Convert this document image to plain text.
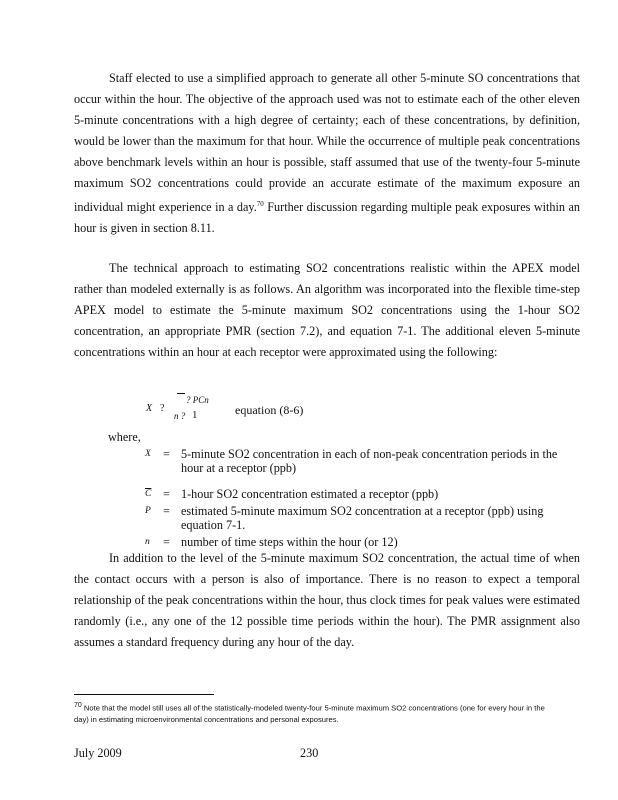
Staff elected to use a simplified approach to generate all other 5-minute SO concentrations that occur within the hour. The objective of the approach used was not to estimate each of the other eleven 5-minute concentrations with a high degree of certainty; each of these concentrations, by definition, would be lower than the maximum for that hour. While the occurrence of multiple peak concentrations above benchmark levels within an hour is possible, staff assumed that use of the twenty-four 5-minute maximum SO2 concentrations could provide an accurate estimate of the maximum exposure an individual might experience in a day.$^{70}$ Further discussion regarding multiple peak exposures within an hour is given in section 8.11.

The technical approach to estimating SO2 concentrations realistic within the APEX model rather than modeled externally is as follows. An algorithm was incorporated into the flexible time-step APEX model to estimate the 5-minute maximum SO2 concentrations using the 1-hour SO2 concentration, an appropriate PMR (section 7.2), and equation 7-1. The additional eleven 5-minute concentrations within an hour at each receptor were approximated using the following:

X ?
? PCn
n ? 1	equation (8-6)
where,
X = 5-minute SO2 concentration in each of non-peak concentration periods in the hour at a receptor (ppb)
$\overline{C}$ = 1-hour SO2 concentration estimated a receptor (ppb)
P = estimated 5-minute maximum SO2 concentration at a receptor (ppb) using equation 7-1.
n	= number of time steps within the hour (or 12)

In addition to the level of the 5-minute maximum SO2 concentration, the actual time of when the contact occurs with a person is also of importance. There is no reason to expect a temporal relationship of the peak concentrations within the hour, thus clock times for peak values were estimated randomly (i.e., any one of the 12 possible time periods within the hour). The PMR assignment also assumes a standard frequency during any hour of the day.

$^{70}$ Note that the model still uses all of the statistically-modeled twenty-four 5-minute maximum SO2 concentrations (one for every hour in the day) in estimating microenvironmental concentrations and personal exposures.
July 2009	230
